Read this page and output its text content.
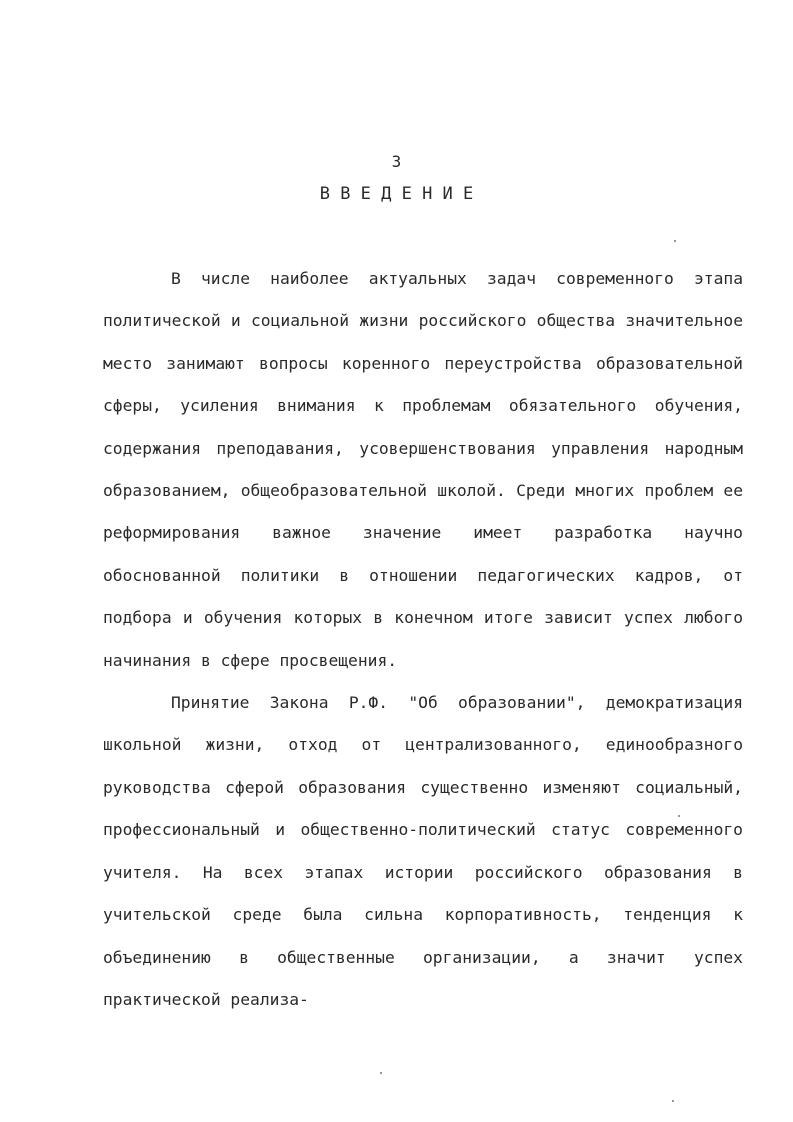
3
В В Е Д Е Н И Е

В числе наиболее актуальных задач современного этапа политической и социальной жизни российского общества значительное место занимают вопросы коренного переустройства образовательной сферы, усиления внимания к проблемам обязательного обучения, содержания преподавания, усовершенствования управления народным образованием, общеобразовательной школой. Среди многих проблем ее реформирования важное значение имеет разработка научно обоснованной политики в отношении педагогических кадров, от подбора и обучения которых в конечном итоге зависит успех любого начинания в сфере просвещения.

Принятие Закона Р.Ф. "Об образовании", демократизация школьной жизни, отход от централизованного, единообразного руководства сферой образования существенно изменяют социальный, профессиональный и общественно-политический статус современного учителя. На всех этапах истории российского образования в учительской среде была сильна корпоративность, тенденция к объединению в общественные организации, а значит успех практической реализа-
